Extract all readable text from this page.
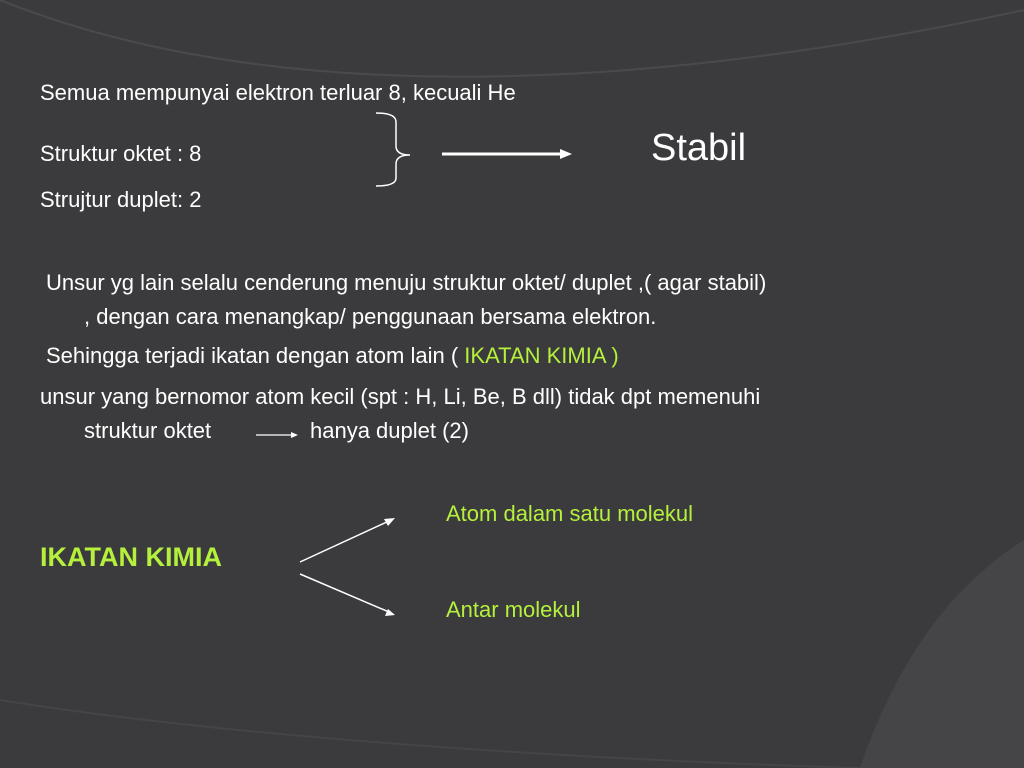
Semua mempunyai elektron terluar 8, kecuali He
Struktur oktet : 8
Strujtur duplet: 2
Stabil
Unsur yg lain selalu cenderung menuju struktur oktet/ duplet ,( agar stabil)
, dengan cara menangkap/ penggunaan bersama elektron.
Sehingga terjadi ikatan dengan atom lain ( IKATAN KIMIA )
unsur yang bernomor atom kecil (spt : H, Li, Be, B dll) tidak dpt memenuhi
struktur oktet	hanya duplet (2)
IKATAN KIMIA
Atom dalam satu molekul
Antar molekul
